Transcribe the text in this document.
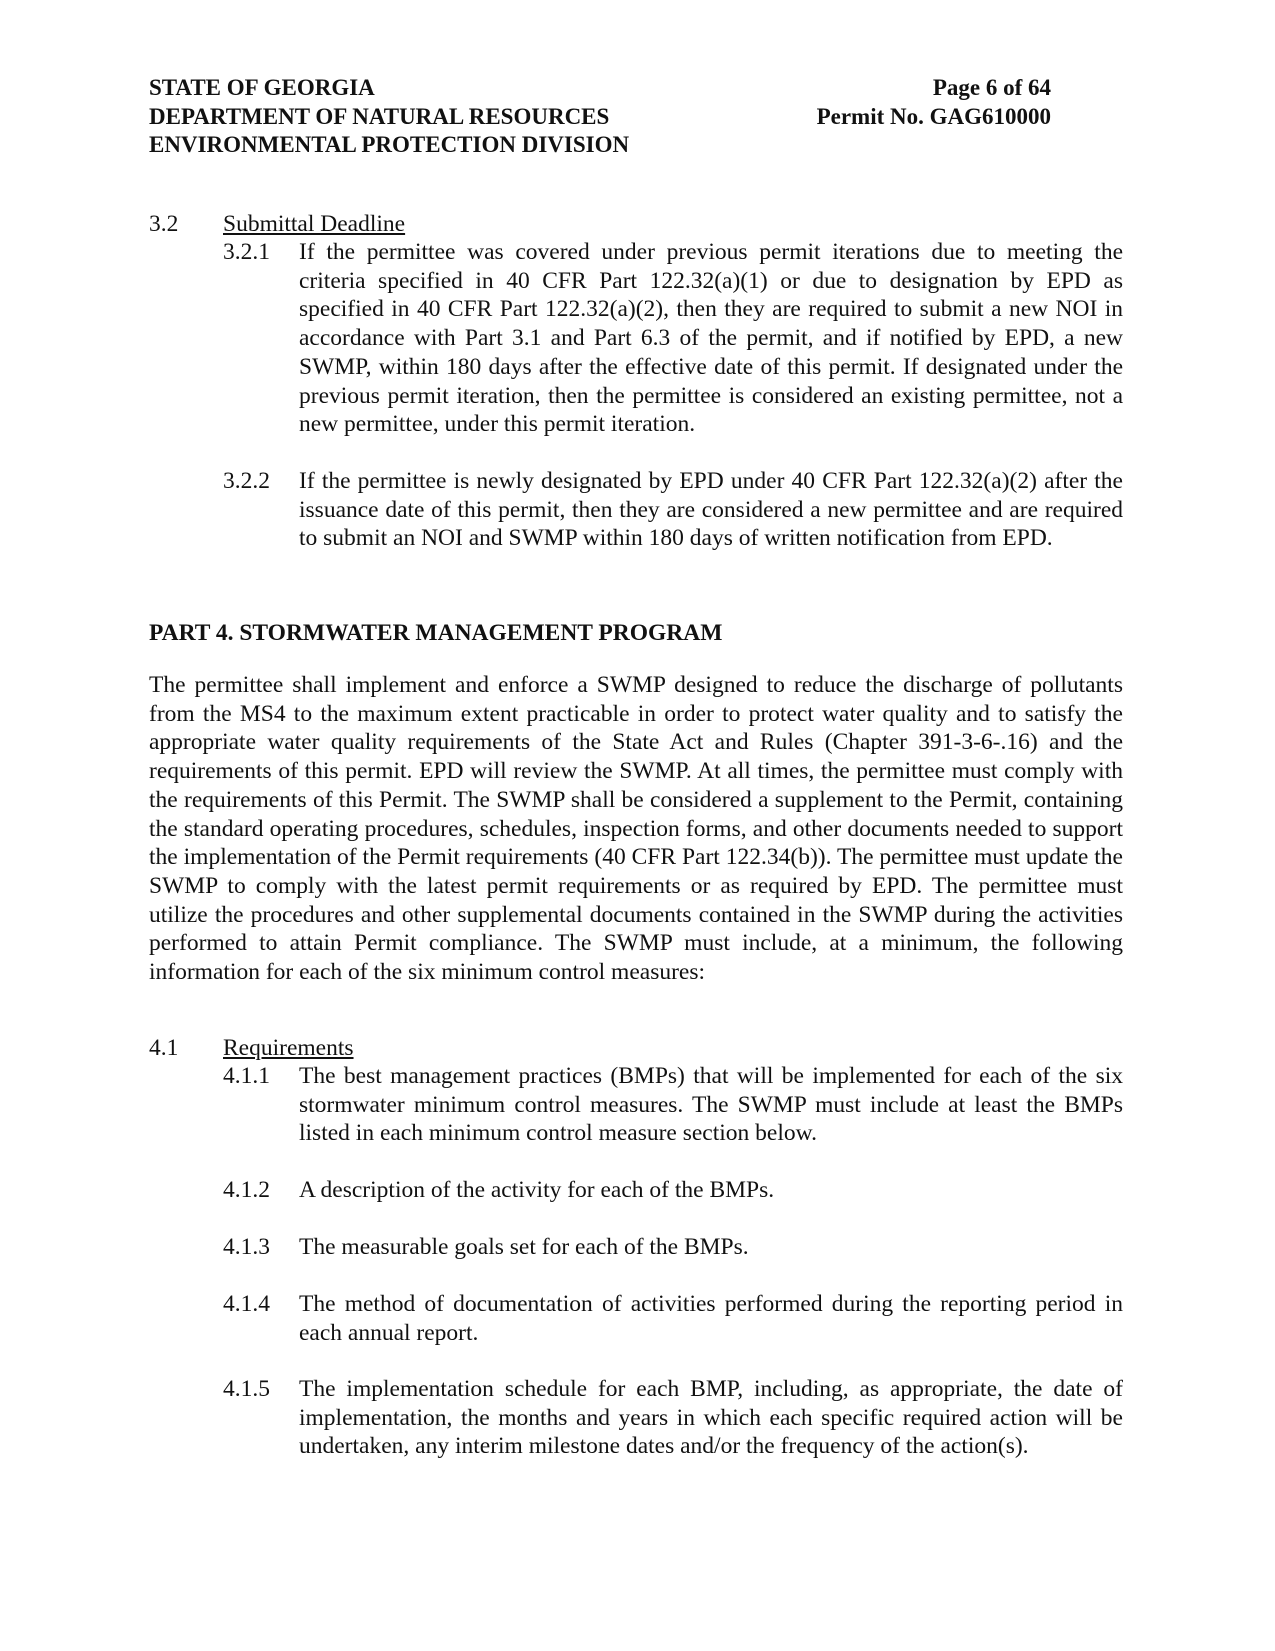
STATE OF GEORGIA
DEPARTMENT OF NATURAL RESOURCES
ENVIRONMENTAL PROTECTION DIVISION
Page 6 of 64
Permit No. GAG610000
3.2 Submittal Deadline
3.2.1 If the permittee was covered under previous permit iterations due to meeting the criteria specified in 40 CFR Part 122.32(a)(1) or due to designation by EPD as specified in 40 CFR Part 122.32(a)(2), then they are required to submit a new NOI in accordance with Part 3.1 and Part 6.3 of the permit, and if notified by EPD, a new SWMP, within 180 days after the effective date of this permit. If designated under the previous permit iteration, then the permittee is considered an existing permittee, not a new permittee, under this permit iteration.
3.2.2 If the permittee is newly designated by EPD under 40 CFR Part 122.32(a)(2) after the issuance date of this permit, then they are considered a new permittee and are required to submit an NOI and SWMP within 180 days of written notification from EPD.
PART 4. STORMWATER MANAGEMENT PROGRAM
The permittee shall implement and enforce a SWMP designed to reduce the discharge of pollutants from the MS4 to the maximum extent practicable in order to protect water quality and to satisfy the appropriate water quality requirements of the State Act and Rules (Chapter 391-3-6-.16) and the requirements of this permit. EPD will review the SWMP. At all times, the permittee must comply with the requirements of this Permit. The SWMP shall be considered a supplement to the Permit, containing the standard operating procedures, schedules, inspection forms, and other documents needed to support the implementation of the Permit requirements (40 CFR Part 122.34(b)). The permittee must update the SWMP to comply with the latest permit requirements or as required by EPD. The permittee must utilize the procedures and other supplemental documents contained in the SWMP during the activities performed to attain Permit compliance. The SWMP must include, at a minimum, the following information for each of the six minimum control measures:
4.1 Requirements
4.1.1 The best management practices (BMPs) that will be implemented for each of the six stormwater minimum control measures. The SWMP must include at least the BMPs listed in each minimum control measure section below.
4.1.2 A description of the activity for each of the BMPs.
4.1.3 The measurable goals set for each of the BMPs.
4.1.4 The method of documentation of activities performed during the reporting period in each annual report.
4.1.5 The implementation schedule for each BMP, including, as appropriate, the date of implementation, the months and years in which each specific required action will be undertaken, any interim milestone dates and/or the frequency of the action(s).
